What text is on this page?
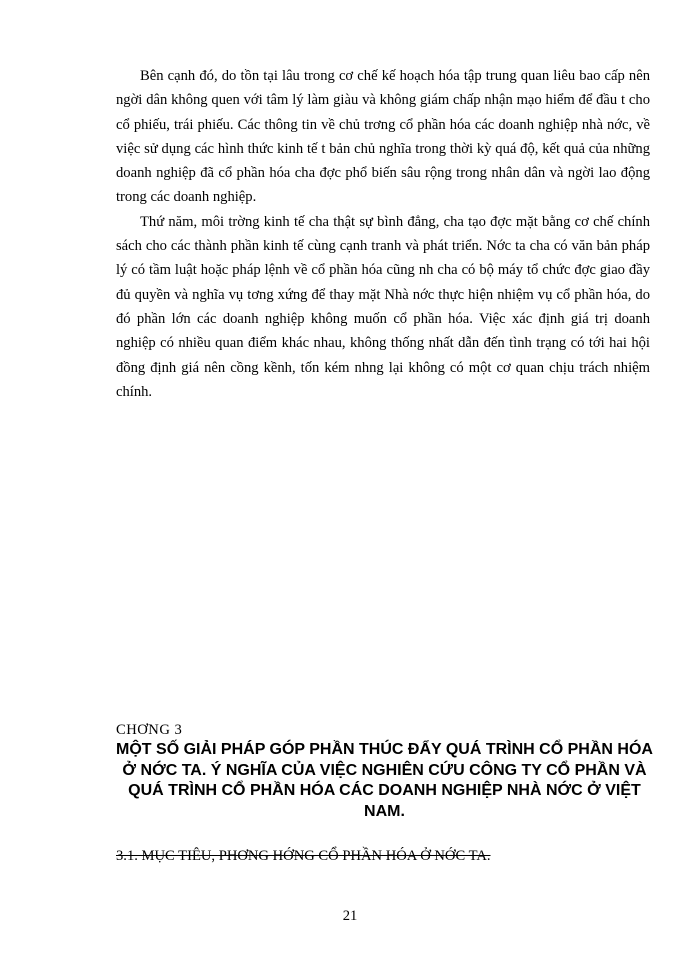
Bên cạnh đó, do tồn tại lâu trong cơ chế kế hoạch hóa tập trung quan liêu bao cấp nên ngời dân không quen với tâm lý làm giàu và không giám chấp nhận mạo hiểm để đầu t cho cổ phiếu, trái phiếu. Các thông tin về chủ trơng cổ phần hóa các doanh nghiệp nhà nớc, về việc sử dụng các hình thức kinh tế t bản chủ nghĩa trong thời kỳ quá độ, kết quả của những doanh nghiệp đã cổ phần hóa cha đợc phổ biến sâu rộng trong nhân dân và ngời lao động trong các doanh nghiệp.

Thứ năm, môi trờng kinh tế cha thật sự bình đẳng, cha tạo đợc mặt bằng cơ chế chính sách cho các thành phần kinh tế cùng cạnh tranh và phát triển. Nớc ta cha có văn bản pháp lý có tầm luật hoặc pháp lệnh về cổ phần hóa cũng nh cha có bộ máy tổ chức đợc giao đầy đủ quyền và nghĩa vụ tơng xứng để thay mặt Nhà nớc thực hiện nhiệm vụ cổ phần hóa, do đó phần lớn các doanh nghiệp không muốn cổ phần hóa. Việc xác định giá trị doanh nghiệp có nhiều quan điểm khác nhau, không thống nhất dẫn đến tình trạng có tới hai hội đồng định giá nên cồng kềnh, tốn kém nhng lại không có một cơ quan chịu trách nhiệm chính.

CHƠNG 3
MỘT SỐ GIẢI PHÁP GÓP PHẦN THÚC ĐẨY QUÁ TRÌNH CỔ PHẦN HÓA Ở NỚC TA. Ý NGHĨA CỦA VIỆC NGHIÊN CỨU CÔNG TY CỔ PHẦN VÀ QUÁ TRÌNH CỔ PHẦN HÓA CÁC DOANH NGHIỆP NHÀ NỚC Ở VIỆT NAM.
3.1. MỤC TIÊU, PHƠNG HỚNG CỔ PHẦN HÓA Ở NỚC TA.
21
